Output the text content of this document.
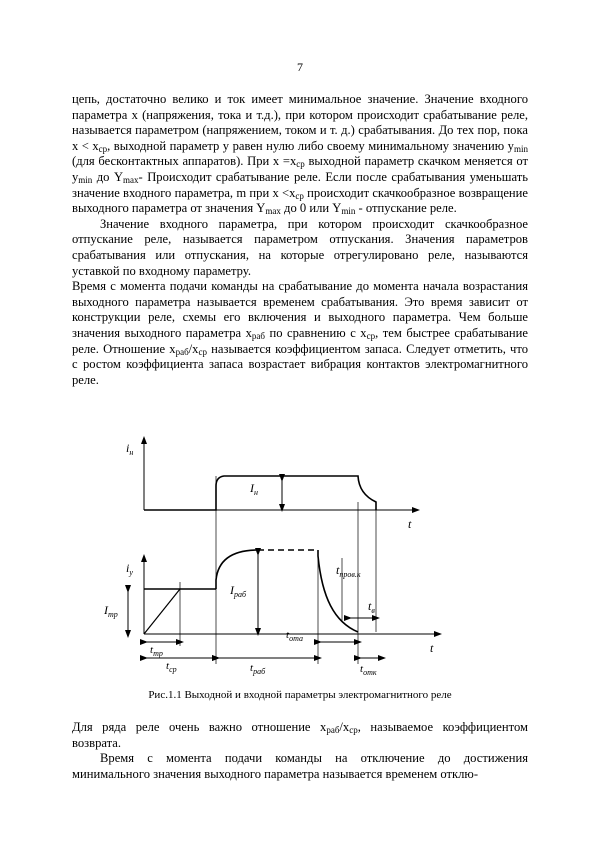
7

цепь, достаточно велико и ток имеет минимальное значение. Значение входного параметра x (напряжения, тока и т.д.), при котором происходит срабатывание реле, называется параметром (напряжением, током и т. д.) срабатывания. До тех пор, пока $x < x_{ср}$, выходной параметр y равен нулю либо своему минимальному значению $y_{min}$ (для бесконтактных аппаратов). При $x =x_{ср}$ выходной параметр скачком меняется от $y_{min}$ до $Y_{max}-$ Происходит срабатывание реле. Если после срабатывания уменьшать значение входного параметра, m при $x <x_{ср}$ происходит скачкообразное возвращение выходного параметра от значения $Y_{max}$ до 0 или $Y_{min}$ - отпускание реле.

Значение входного параметра, при котором происходит скачкообразное отпускание реле, называется параметром отпускания. Значения параметров срабатывания или отпускания, на которые отрегулировано реле, называются уставкой по входному параметру.

Время с момента подачи команды на срабатывание до момента начала возрастания выходного параметра называется временем срабатывания. Это время зависит от конструкции реле, схемы его включения и выходного параметра. Чем больше значения выходного параметра $x_{раб}$ по сравнению с $x_{ср}$, тем быстрее срабатывание реле. Отношение $x_{раб}/x_{ср}$ называется коэффициентом запаса. Следует отметить, что с ростом коэффициента запаса возрастает вибрация контактов электромагнитного реле.

$i_н$
$I_н$
t
$i_у$
$I_{тр}$
$I_{раб}$
$t_{пров.к}$
$t_в$
t
$t_{тр}$
$t_{ср}$	$t_{раб}$
$t_{ота}$
$t_{отк}$
Рис.1.1 Выходной и входной параметры электромагнитного реле

Для ряда реле очень важно отношение $x_{раб}/x_{ср}$, называемое коэффициентом возврата.

Время с момента подачи команды на отключение до достижения минимального значения выходного параметра называется временем отклю-
